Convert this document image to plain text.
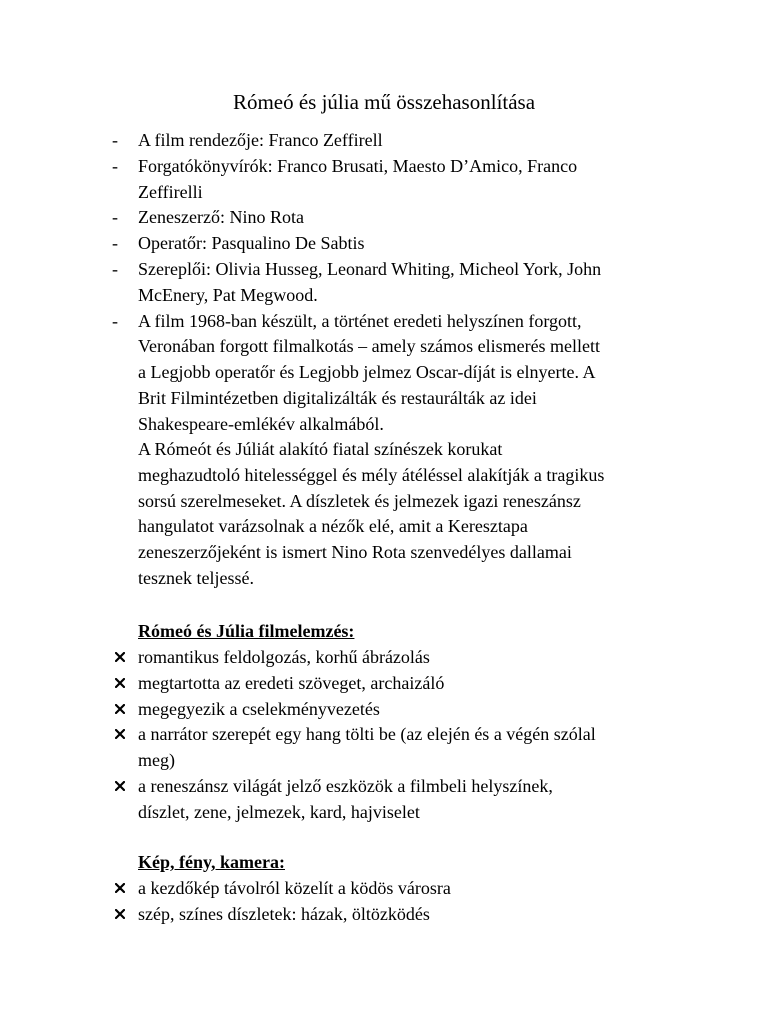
Rómeó és júlia mű összehasonlítása
- A film rendezője: Franco Zeffirell
- Forgatókönyvírók: Franco Brusati, Maesto D’Amico, Franco
Zeffirelli
- Zeneszerző: Nino Rota
- Operatőr: Pasqualino De Sabtis
- Szereplői: Olivia Husseg, Leonard Whiting, Micheol York, John
McEnery, Pat Megwood.
- A film 1968-ban készült, a történet eredeti helyszínen forgott,
Veronában forgott filmalkotás – amely számos elismerés mellett
a Legjobb operatőr és Legjobb jelmez Oscar-díját is elnyerte. A
Brit Filmintézetben digitalizálták és restaurálták az idei
Shakespeare-emlékév alkalmából.
A Rómeót és Júliát alakító fiatal színészek korukat
meghazudtoló hitelességgel és mély átéléssel alakítják a tragikus
sorsú szerelmeseket. A díszletek és jelmezek igazi reneszánsz
hangulatot varázsolnak a nézők elé, amit a Keresztapa
zeneszerzőjeként is ismert Nino Rota szenvedélyes dallamai
tesznek teljessé.
Rómeó és Júlia filmelemzés:
romantikus feldolgozás, korhű ábrázolás
megtartotta az eredeti szöveget, archaizáló
megegyezik a cselekményvezetés
a narrátor szerepét egy hang tölti be (az elején és a végén szólal
meg)
a reneszánsz világát jelző eszközök a filmbeli helyszínek,
díszlet, zene, jelmezek, kard, hajviselet
Kép, fény, kamera:
a kezdőkép távolról közelít a ködös városra
szép, színes díszletek: házak, öltözködés
